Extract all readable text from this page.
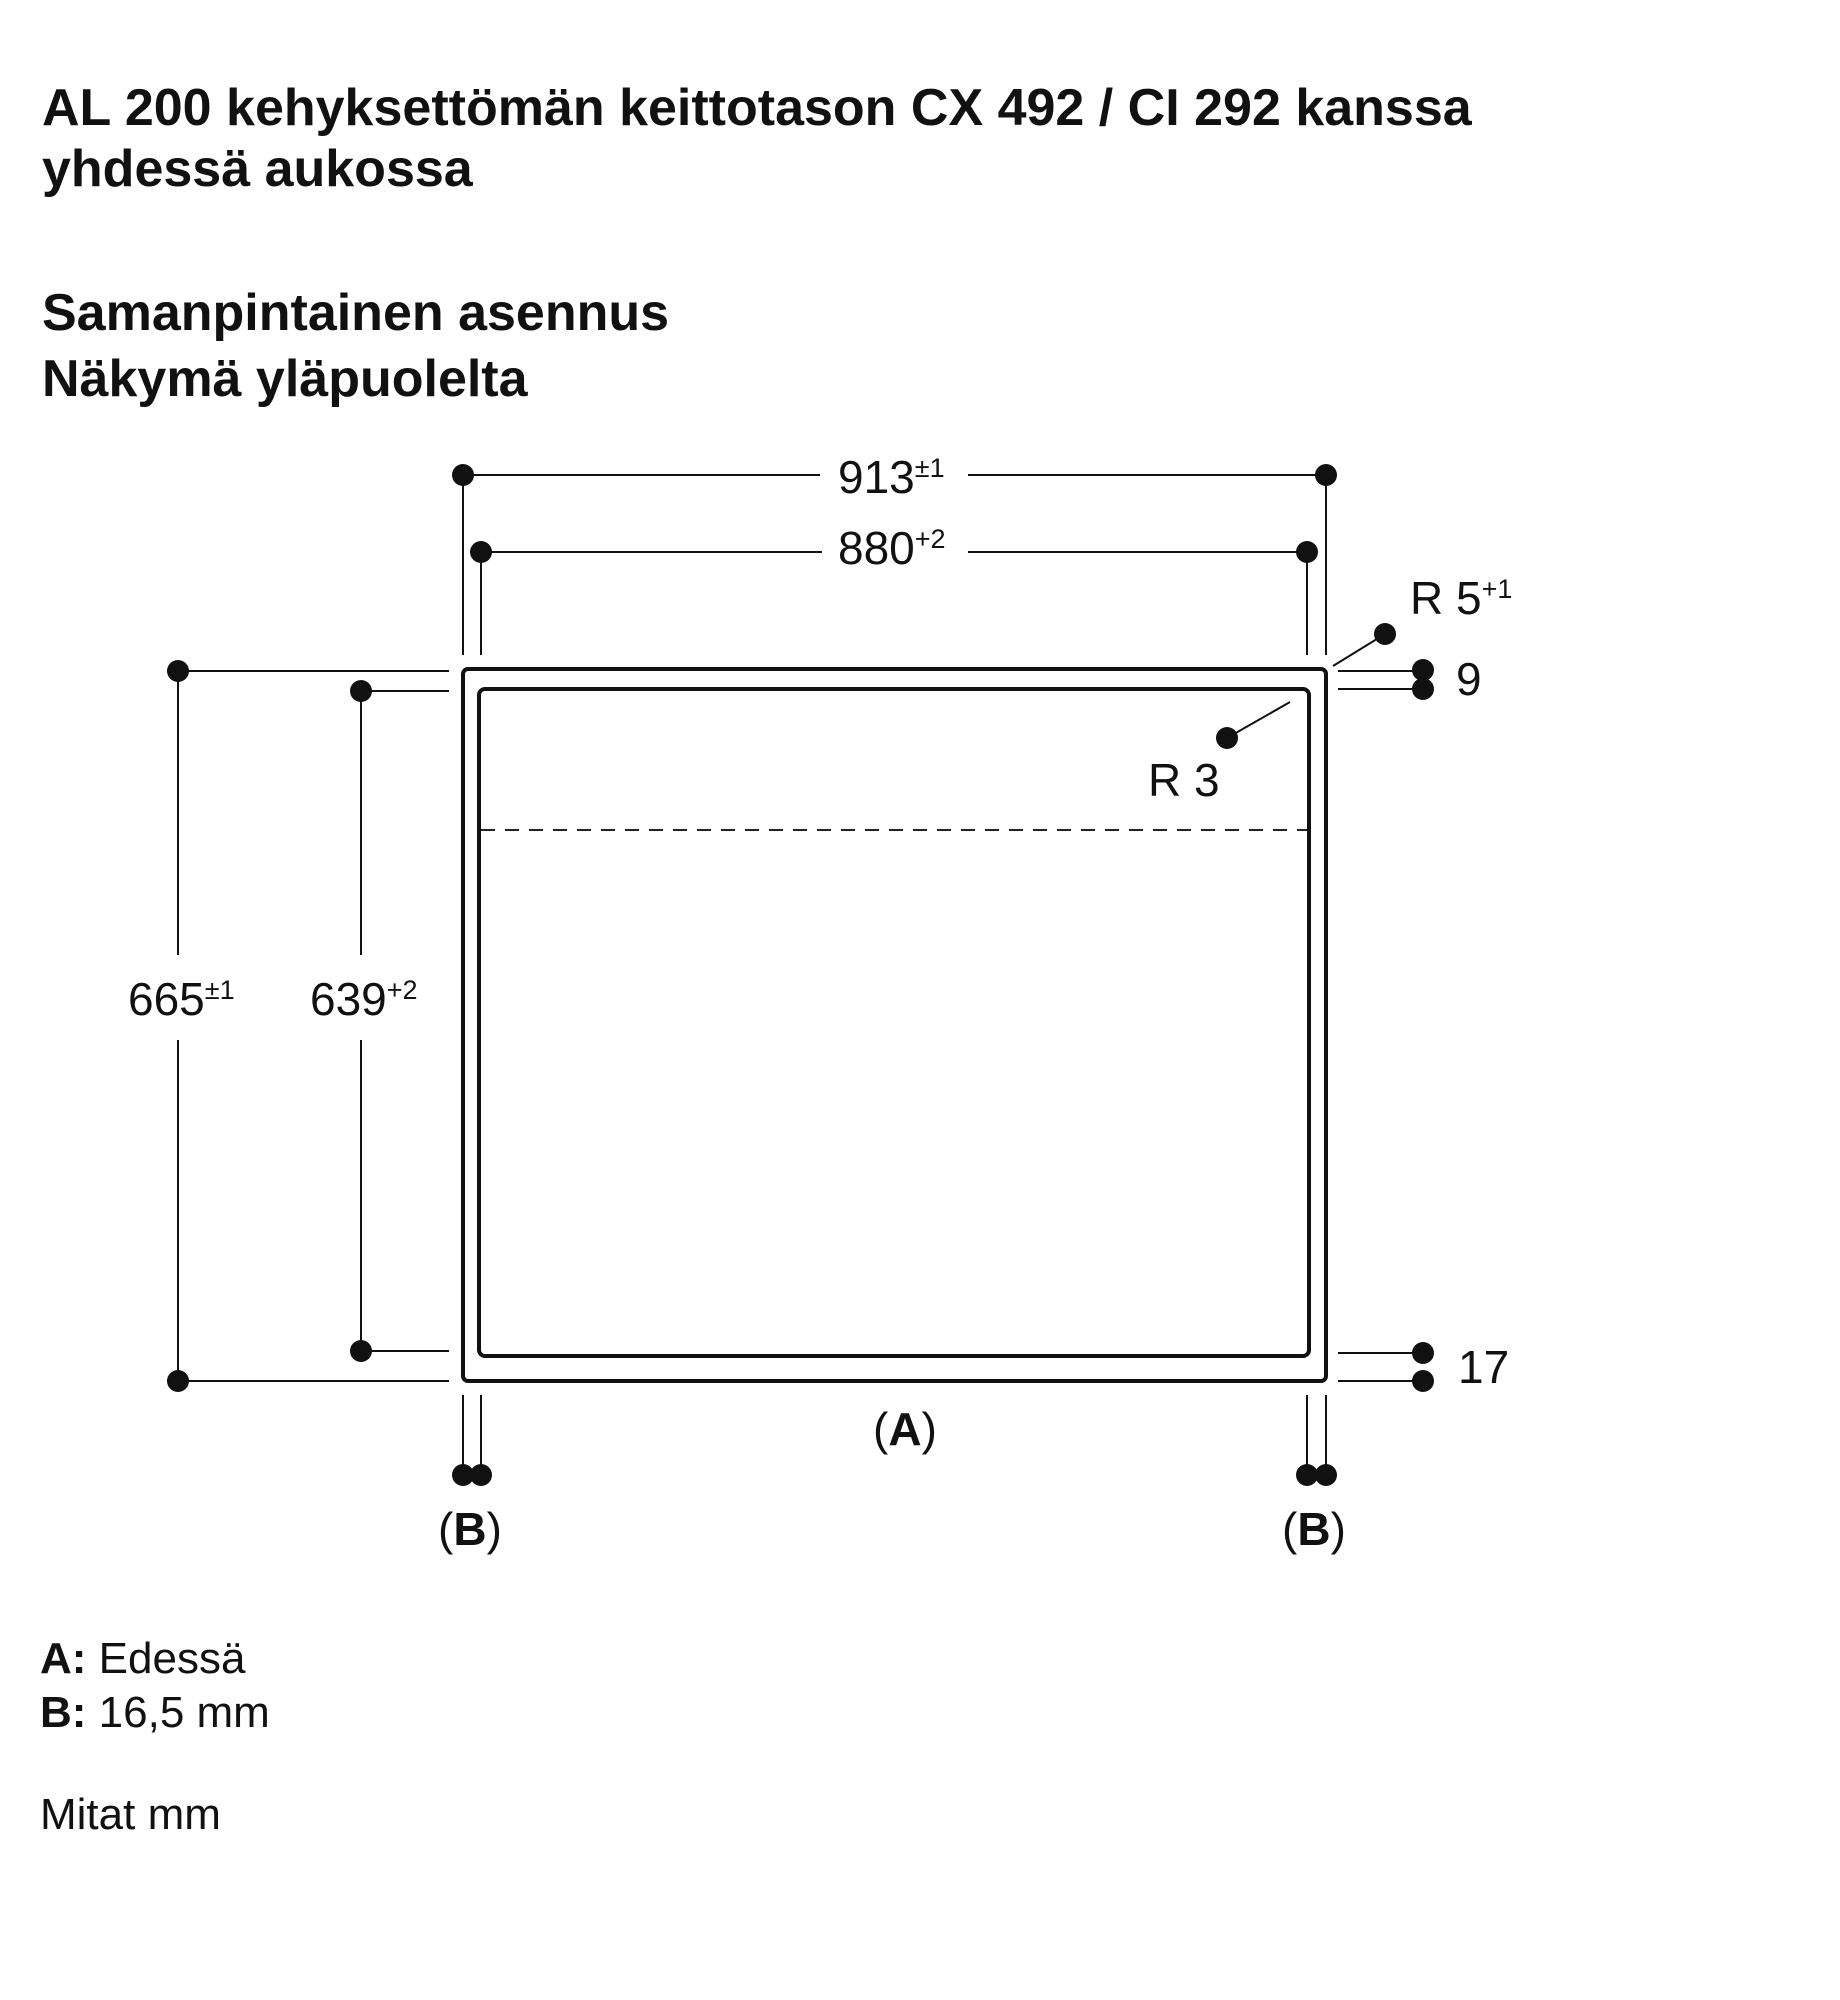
AL 200 kehyksettömän keittotason CX 492 / CI 292 kanssa
yhdessä aukossa
Samanpintainen asennus
Näkymä yläpuolelta
$913^{\pm 1}$
$880^{+2}$
$665^{\pm 1}$ $639^{+2}$
R $5^{+1}$
R 3
9
17
(A)
(B)	(B)
A: Edessä
B: 16,5 mm
Mitat mm
